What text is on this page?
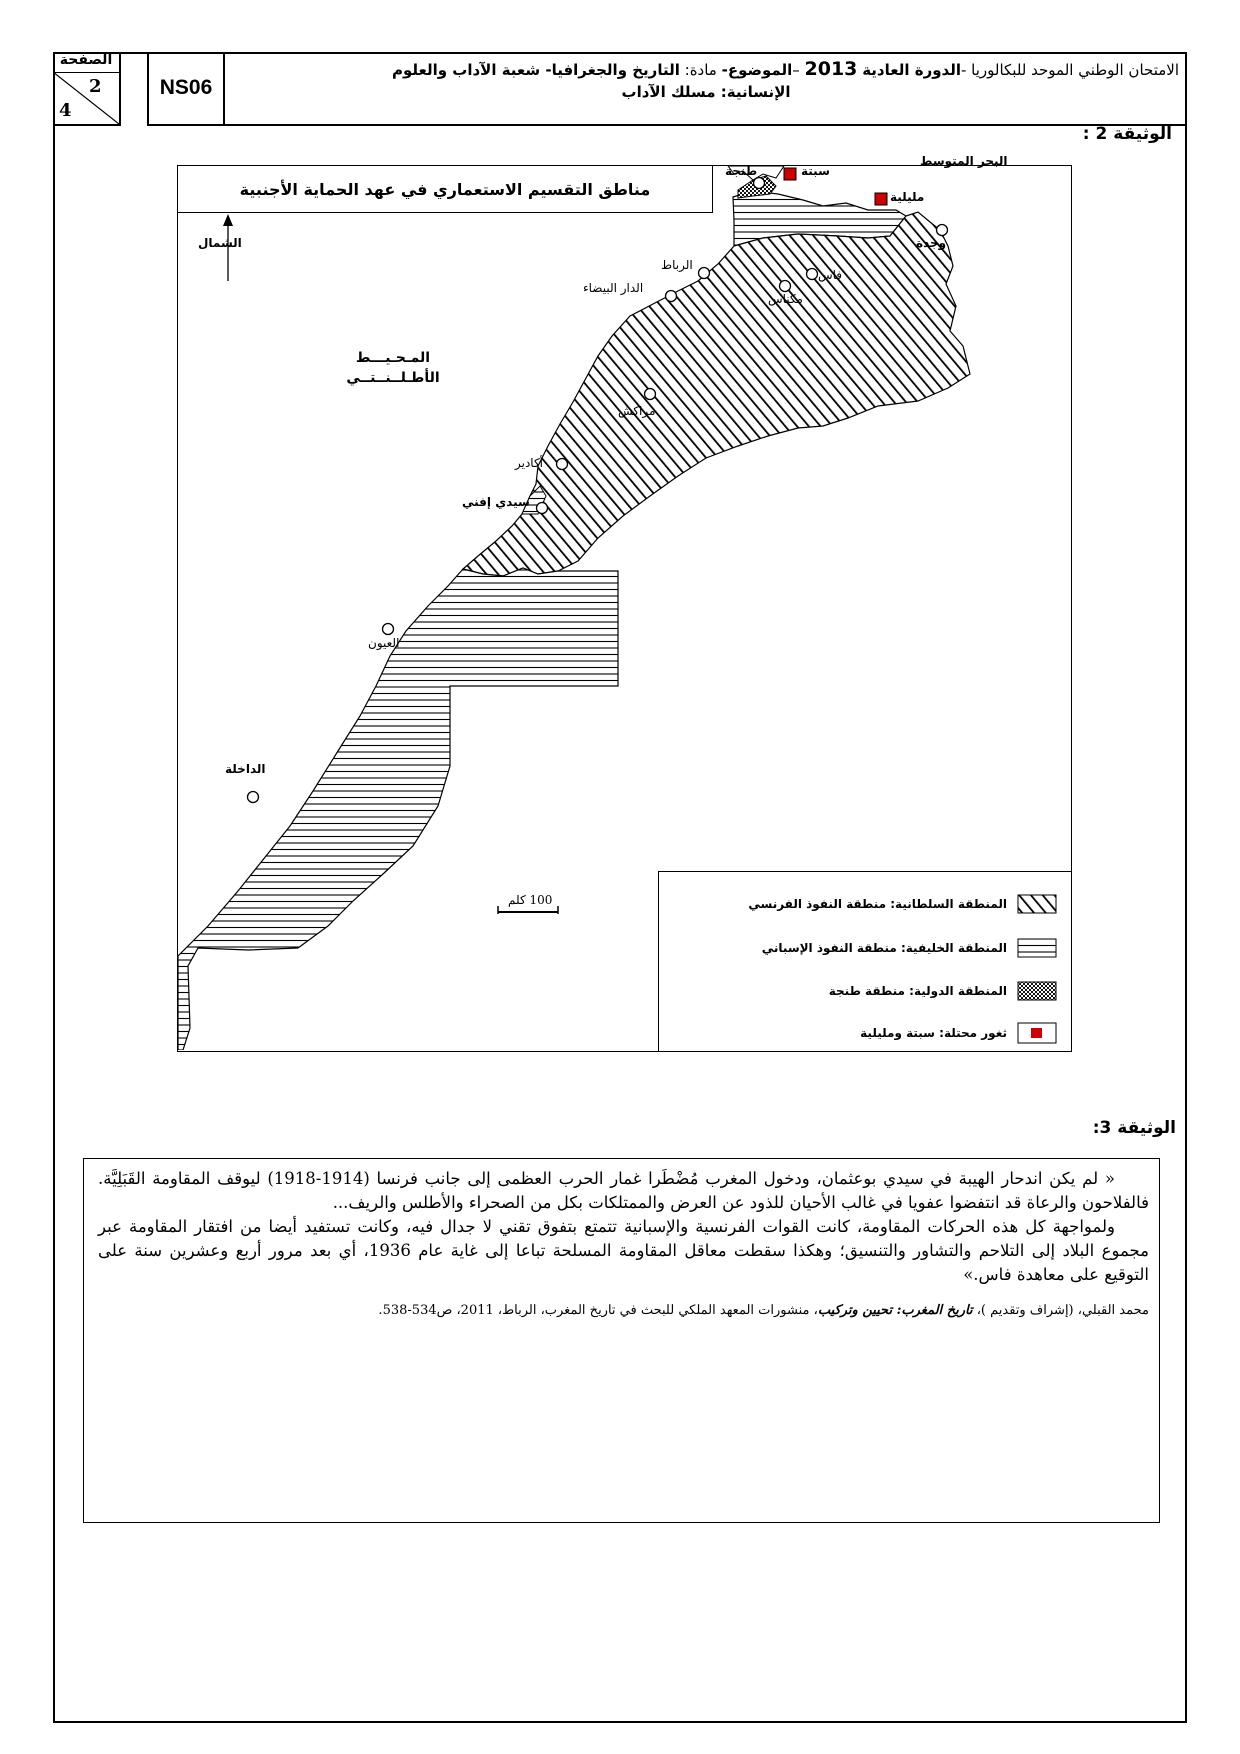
الصفحة
2
4
NS06
الامتحان الوطني الموحد للبكالوريا -الدورة العادية 2013 –الموضوع- مادة: التاريخ والجغرافيا- شعبة الآداب والعلوم
الإنسانية: مسلك الآداب
الوثيقة 2 :
مناطق التقسيم الاستعماري في عهد الحماية الأجنبية
الشمال
البحر المتوسط
المـحـيـــط
الأطـلــنــتــي
سبتة
طنجة
مليلية
وجدة
فاس
مكناس
الرباط
الدار البيضاء
مراكش
أكادير
سيدي إفني
العيون
الداخلة
100 كلم	المنطقة السلطانية: منطقة النفوذ الفرنسي
المنطقة الخليفية: منطقة النفوذ الإسباني
المنطقة الدولية: منطقة طنجة
ثغور محتلة: سبتة ومليلية
الوثيقة 3:

« لم يكن اندحار الهيبة في سيدي بوعثمان، ودخول المغرب مُضْطَرا غمار الحرب العظمى إلى جانب فرنسا (1914-1918) ليوقف المقاومة القَبَلِيَّة. فالفلاحون والرعاة قد انتفضوا عفويا في غالب الأحيان للذود عن العرض والممتلكات بكل من الصحراء والأطلس والريف...

ولمواجهة كل هذه الحركات المقاومة، كانت القوات الفرنسية والإسبانية تتمتع بتفوق تقني لا جدال فيه، وكانت تستفيد أيضا من افتقار المقاومة عبر مجموع البلاد إلى التلاحم والتشاور والتنسيق؛ وهكذا سقطت معاقل المقاومة المسلحة تباعا إلى غاية عام 1936، أي بعد مرور أربع وعشرين سنة على التوقيع على معاهدة فاس.»

محمد القبلي، (إشراف وتقديم )، تاريخ المغرب: تحيين وتركيب، منشورات المعهد الملكي للبحث في تاريخ المغرب، الرباط، 2011، ص534-538.
